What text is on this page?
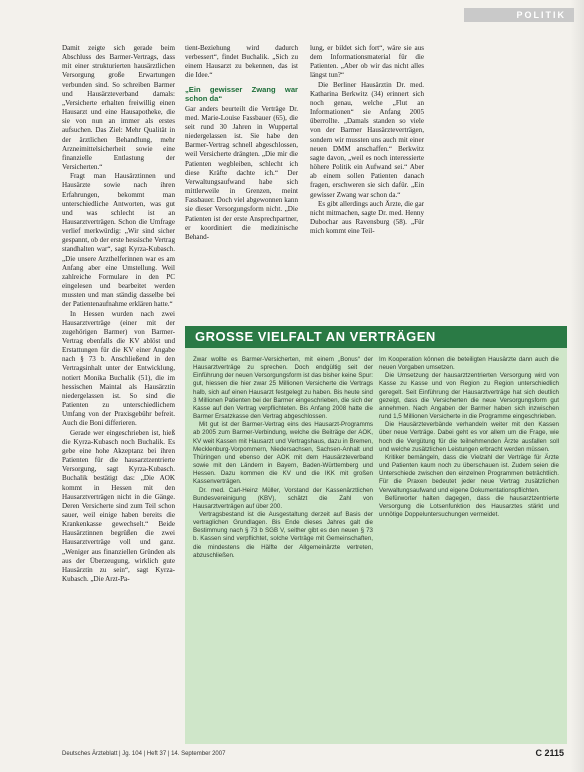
POLITIK

Damit zeigte sich gerade beim Abschluss des Barmer-Vertrags, dass mit einer strukturierten hausärztlichen Versorgung große Erwartungen verbunden sind. So schreiben Barmer und Hausärzteverband damals: „Versicherte erhalten freiwillig einen Hausarzt und eine Hausapotheke, die sie von nun an immer als erstes aufsuchen. Das Ziel: Mehr Qualität in der ärztlichen Behandlung, mehr Arzneimittelsicherheit sowie eine finanzielle Entlastung der Versicherten.“

Fragt man Hausärztinnen und Hausärzte sowie nach ihren Erfahrungen, bekommt man unterschiedliche Antworten, was gut und was schlecht ist an Hausarztverträgen. Schon die Umfrage verlief merkwürdig: „Wir sind sicher gespannt, ob der erste hessische Vertrag standhalten war“, sagt Kyrza-Kubasch. „Die unsere Arzthelferinnen war es am Anfang aber eine Umstellung. Weil zahlreiche Formulare in den PC eingelesen und bearbeitet werden mussten und man ständig dasselbe bei der Patientenaufnahme erklären hatte.“

In Hessen wurden nach zwei Hausarztverträge (einer mit der zugehörigen Barmer) von Barmer-Vertrag ebenfalls die KV ablöst und Erstattungen für die KV einer Angabe nach § 73 b. Anschließend in den Vertragsinhalt unter der Entwicklung, notiert Monika Buchalik (51), die im hessischen Maintal als Hausärztin niedergelassen ist. So sind die Patienten zu unterschiedlichem Umfang von der Praxisgebühr befreit. Auch die Boni differieren.

Gerade wer eingeschrieben ist, hieß die Kyrza-Kubasch noch Buchalik. Es gebe eine hohe Akzeptanz bei ihren Patienten für die hausarztzentrierte Versorgung, sagt Kyrza-Kubasch. Buchalik bestätigt das: „Die AOK kommt in Hessen mit den Hausarztverträgen nicht in die Gänge. Deren Versicherte sind zum Teil schon sauer, weil einige haben bereits die Krankenkasse gewechselt.“ Beide Hausärztinnen begrüßen die zwei Hausarztverträge voll und ganz. „Weniger aus finanziellen Gründen als aus der Überzeugung, wirklich gute Hausärztin zu sein“, sagt Kyrza-Kubasch. „Die Arzt-Pa-

tient-Beziehung wird dadurch verbessert“, findet Buchalik. „Sich zu einem Hausarzt zu bekennen, das ist die Idee.“

„Ein gewisser Zwang war schon da“

Gar anders beurteilt die Verträge Dr. med. Marie-Louise Fassbauer (65), die seit rund 30 Jahren in Wuppertal niedergelassen ist. Sie habe den Barmer-Vertrag schnell abgeschlossen, weil Versicherte drängten. „Die mir die Patienten wegbleiben, schlecht ich diese Kräfte dachte ich.“ Der Verwaltungsaufwand habe sich mittlerweile in Grenzen, meint Fassbauer. Doch viel abgewonnen kann sie dieser Versorgungsform nicht. „Die Patienten ist der erste Ansprechpartner, er koordiniert die medizinische Behand-

lung, er bildet sich fort“, wäre sie aus dem Informationsmaterial für die Patienten. „Aber ob wir das nicht alles längst tun?“

Die Berliner Hausärztin Dr. med. Katharina Berkwitz (34) erinnert sich noch genau, welche „Flut an Informationen“ sie Anfang 2005 überrollte. „Damals standen so viele von der Barmer Hausärzteverträgen, sondern wir mussten uns auch mit einer neuen DMM anschaffen.“ Berkwitz sagte davon, „weil es noch interessierte höhere Politik ein Aufwand sei.“ Aber ab einem sollen Patienten danach fragen, erschweren sie sich dafür. „Ein gewisser Zwang war schon da.“

Es gibt allerdings auch Ärzte, die gar nicht mitmachen, sagte Dr. med. Henny Dubochar aus Ravensburg (58). „Für mich kommt eine Teil-

GROSSE VIELFALT AN VERTRÄGEN

Zwar wollte es Barmer-Versicherten, mit einem „Bonus“ der Hausarztverträge zu sprechen. Doch endgültig seit der Einführung der neuen Versorgungsform ist das bisher keine Spur: gut, hiessen die hier zwar 25 Millionen Versicherte die Vertrags halb, sich auf einen Hausarzt festgelegt zu haben. Bis heute sind 3 Millionen Patienten bei der Barmer eingeschrieben, die sich der Kasse auf den Vertrag verpflichteten. Bis Anfang 2008 hatte die Barmer Ersatzkasse den Vertrag abgeschlossen.

Mit gut ist der Barmer-Vertrag eins des Hausarzt-Programms ab 2005 zum Barmer-Verbindung, welche die Beiträge der AOK, KV weit Kassen mit Hausarzt und Vertragshaus, dazu in Bremen, Mecklenburg-Vorpommern, Niedersachsen, Sachsen-Anhalt und Thüringen und ebenso der AOK mit dem Hausärzteverband sowie mit den Ländern in Bayern, Baden-Württemberg und Hessen. Dazu kommen die KV und die IKK mit großen Kassenverträgen.

Dr. med. Carl-Heinz Müller, Vorstand der Kassenärztlichen Bundesvereinigung (KBV), schätzt die Zahl von Hausarztverträgen auf über 200.

Vertragsbestand ist die Ausgestaltung derzeit auf Basis der vertraglichen Grundlagen. Bis Ende dieses Jahres galt die Bestimmung nach § 73 b SGB V, seither gibt es den neuen § 73 b. Kassen sind verpflichtet, solche Verträge mit Gemeinschaften, die mindestens die Hälfte der Allgemeinärzte vertreten, abzuschließen.

Im Kooperation können die beteiligten Hausärzte dann auch die neuen Vorgaben umsetzen.

Die Umsetzung der hausarztzentrierten Versorgung wird von Kasse zu Kasse und von Region zu Region unterschiedlich geregelt. Seit Einführung der Hausarztverträge hat sich deutlich gezeigt, dass die Versicherten die neue Versorgungsform gut annehmen. Nach Angaben der Barmer haben sich inzwischen rund 1,5 Millionen Versicherte in die Programme eingeschrieben.

Die Hausärzteverbände verhandeln weiter mit den Kassen über neue Verträge. Dabei geht es vor allem um die Frage, wie hoch die Vergütung für die teilnehmenden Ärzte ausfallen soll und welche zusätzlichen Leistungen erbracht werden müssen.

Kritiker bemängeln, dass die Vielzahl der Verträge für Ärzte und Patienten kaum noch zu überschauen ist. Zudem seien die Unterschiede zwischen den einzelnen Programmen beträchtlich. Für die Praxen bedeutet jeder neue Vertrag zusätzlichen Verwaltungsaufwand und eigene Dokumentationspflichten.

Befürworter halten dagegen, dass die hausarztzentrierte Versorgung die Lotsenfunktion des Hausarztes stärkt und unnötige Doppeluntersuchungen vermeidet.

Deutsches Ärzteblatt | Jg. 104 | Heft 37 | 14. September 2007	C 2115
